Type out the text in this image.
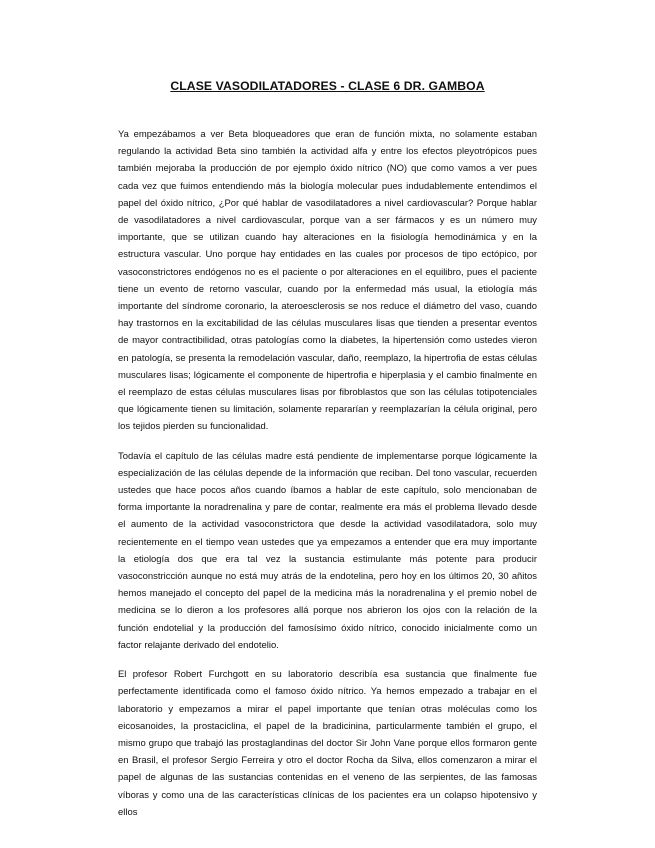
CLASE VASODILATADORES - CLASE 6 DR. GAMBOA

Ya empezábamos a ver Beta bloqueadores que eran de función mixta, no solamente estaban regulando la actividad Beta sino también la actividad alfa y entre los efectos pleyotrópicos pues también mejoraba la producción de por ejemplo óxido nítrico (NO) que como vamos a ver pues cada vez que fuimos entendiendo más la biología molecular pues indudablemente entendimos el papel del óxido nítrico, ¿Por qué hablar de vasodilatadores a nivel cardiovascular? Porque hablar de vasodilatadores a nivel cardiovascular, porque van a ser fármacos y es un número muy importante, que se utilizan cuando hay alteraciones en la fisiología hemodinámica y en la estructura vascular. Uno porque hay entidades en las cuales por procesos de tipo ectópico, por vasoconstrictores endógenos no es el paciente o por alteraciones en el equilibro, pues el paciente tiene un evento de retorno vascular, cuando por la enfermedad más usual, la etiología más importante del síndrome coronario, la ateroesclerosis se nos reduce el diámetro del vaso, cuando hay trastornos en la excitabilidad de las células musculares lisas que tienden a presentar eventos de mayor contractibilidad, otras patologías como la diabetes, la hipertensión como ustedes vieron en patología, se presenta la remodelación vascular, daño, reemplazo, la hipertrofia de estas células musculares lisas; lógicamente el componente de hipertrofia e hiperplasia y el cambio finalmente en el reemplazo de estas células musculares lisas por fibroblastos que son las células totipotenciales que lógicamente tienen su limitación, solamente repararían y reemplazarían la célula original, pero los tejidos pierden su funcionalidad.

Todavía el capítulo de las células madre está pendiente de implementarse porque lógicamente la especialización de las células depende de la información que reciban. Del tono vascular, recuerden ustedes que hace pocos años cuando íbamos a hablar de este capítulo, solo mencionaban de forma importante la noradrenalina y pare de contar, realmente era más el problema llevado desde el aumento de la actividad vasoconstrictora que desde la actividad vasodilatadora, solo muy recientemente en el tiempo vean ustedes que ya empezamos a entender que era muy importante la etiología dos que era tal vez la sustancia estimulante más potente para producir vasoconstricción aunque no está muy atrás de la endotelina, pero hoy en los últimos 20, 30 añitos hemos manejado el concepto del papel de la medicina más la noradrenalina y el premio nobel de medicina se lo dieron a los profesores allá porque nos abrieron los ojos con la relación de la función endotelial y la producción del famosísimo óxido nítrico, conocido inicialmente como un factor relajante derivado del endotelio.

El profesor Robert Furchgott en su laboratorio describía esa sustancia que finalmente fue perfectamente identificada como el famoso óxido nítrico. Ya hemos empezado a trabajar en el laboratorio y empezamos a mirar el papel importante que tenían otras moléculas como los eicosanoides, la prostaciclina, el papel de la bradicinina, particularmente también el grupo, el mismo grupo que trabajó las prostaglandinas del doctor Sir John Vane porque ellos formaron gente en Brasil, el profesor Sergio Ferreira y otro el doctor Rocha da Silva, ellos comenzaron a mirar el papel de algunas de las sustancias contenidas en el veneno de las serpientes, de las famosas víboras y como una de las características clínicas de los pacientes era un colapso hipotensivo y ellos
